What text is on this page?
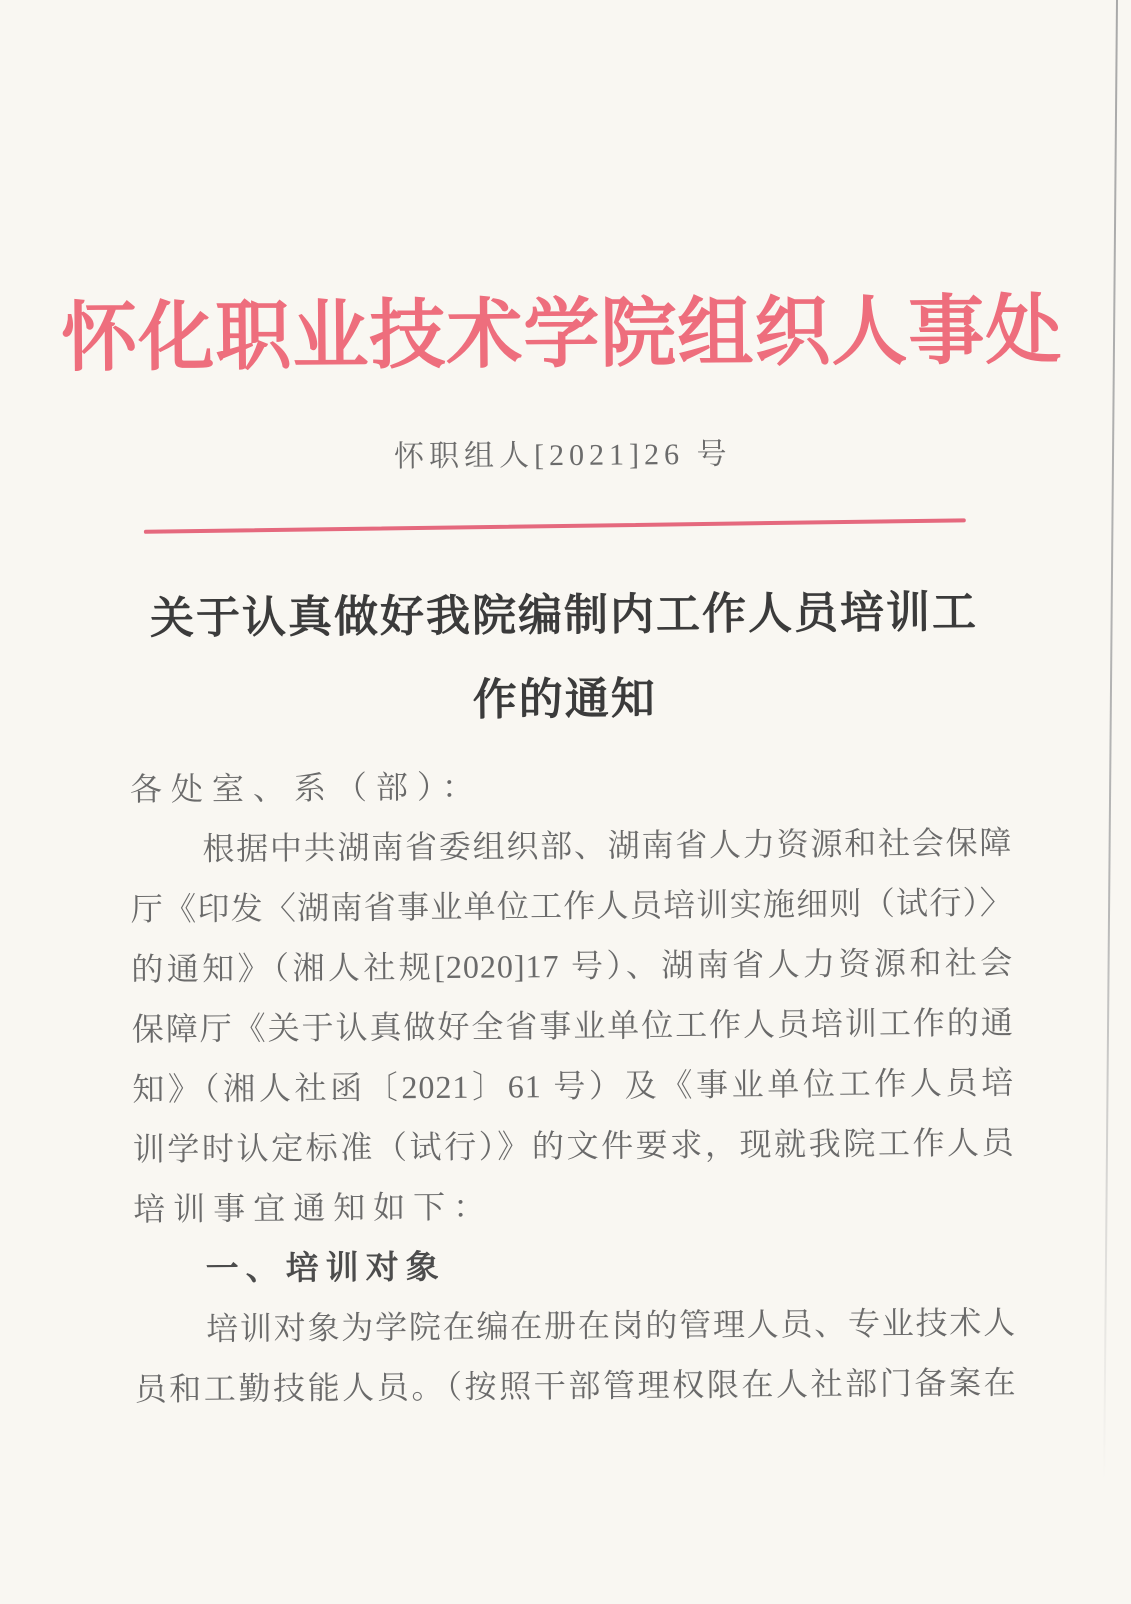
怀化职业技术学院组织人事处
怀职组人[2021]26 号
关于认真做好我院编制内工作人员培训工
作的通知
各处室、系（部）：
根据中共湖南省委组织部、湖南省人力资源和社会保障
厅《印发〈湖南省事业单位工作人员培训实施细则（试行）〉
的通知》（湘人社规[2020]17 号）、湖南省人力资源和社会
保障厅《关于认真做好全省事业单位工作人员培训工作的通
知》（湘人社函〔2021〕61 号）及《事业单位工作人员培
训学时认定标准（试行）》的文件要求，现就我院工作人员
培训事宜通知如下：
一、培训对象
培训对象为学院在编在册在岗的管理人员、专业技术人
员和工勤技能人员。（按照干部管理权限在人社部门备案在
